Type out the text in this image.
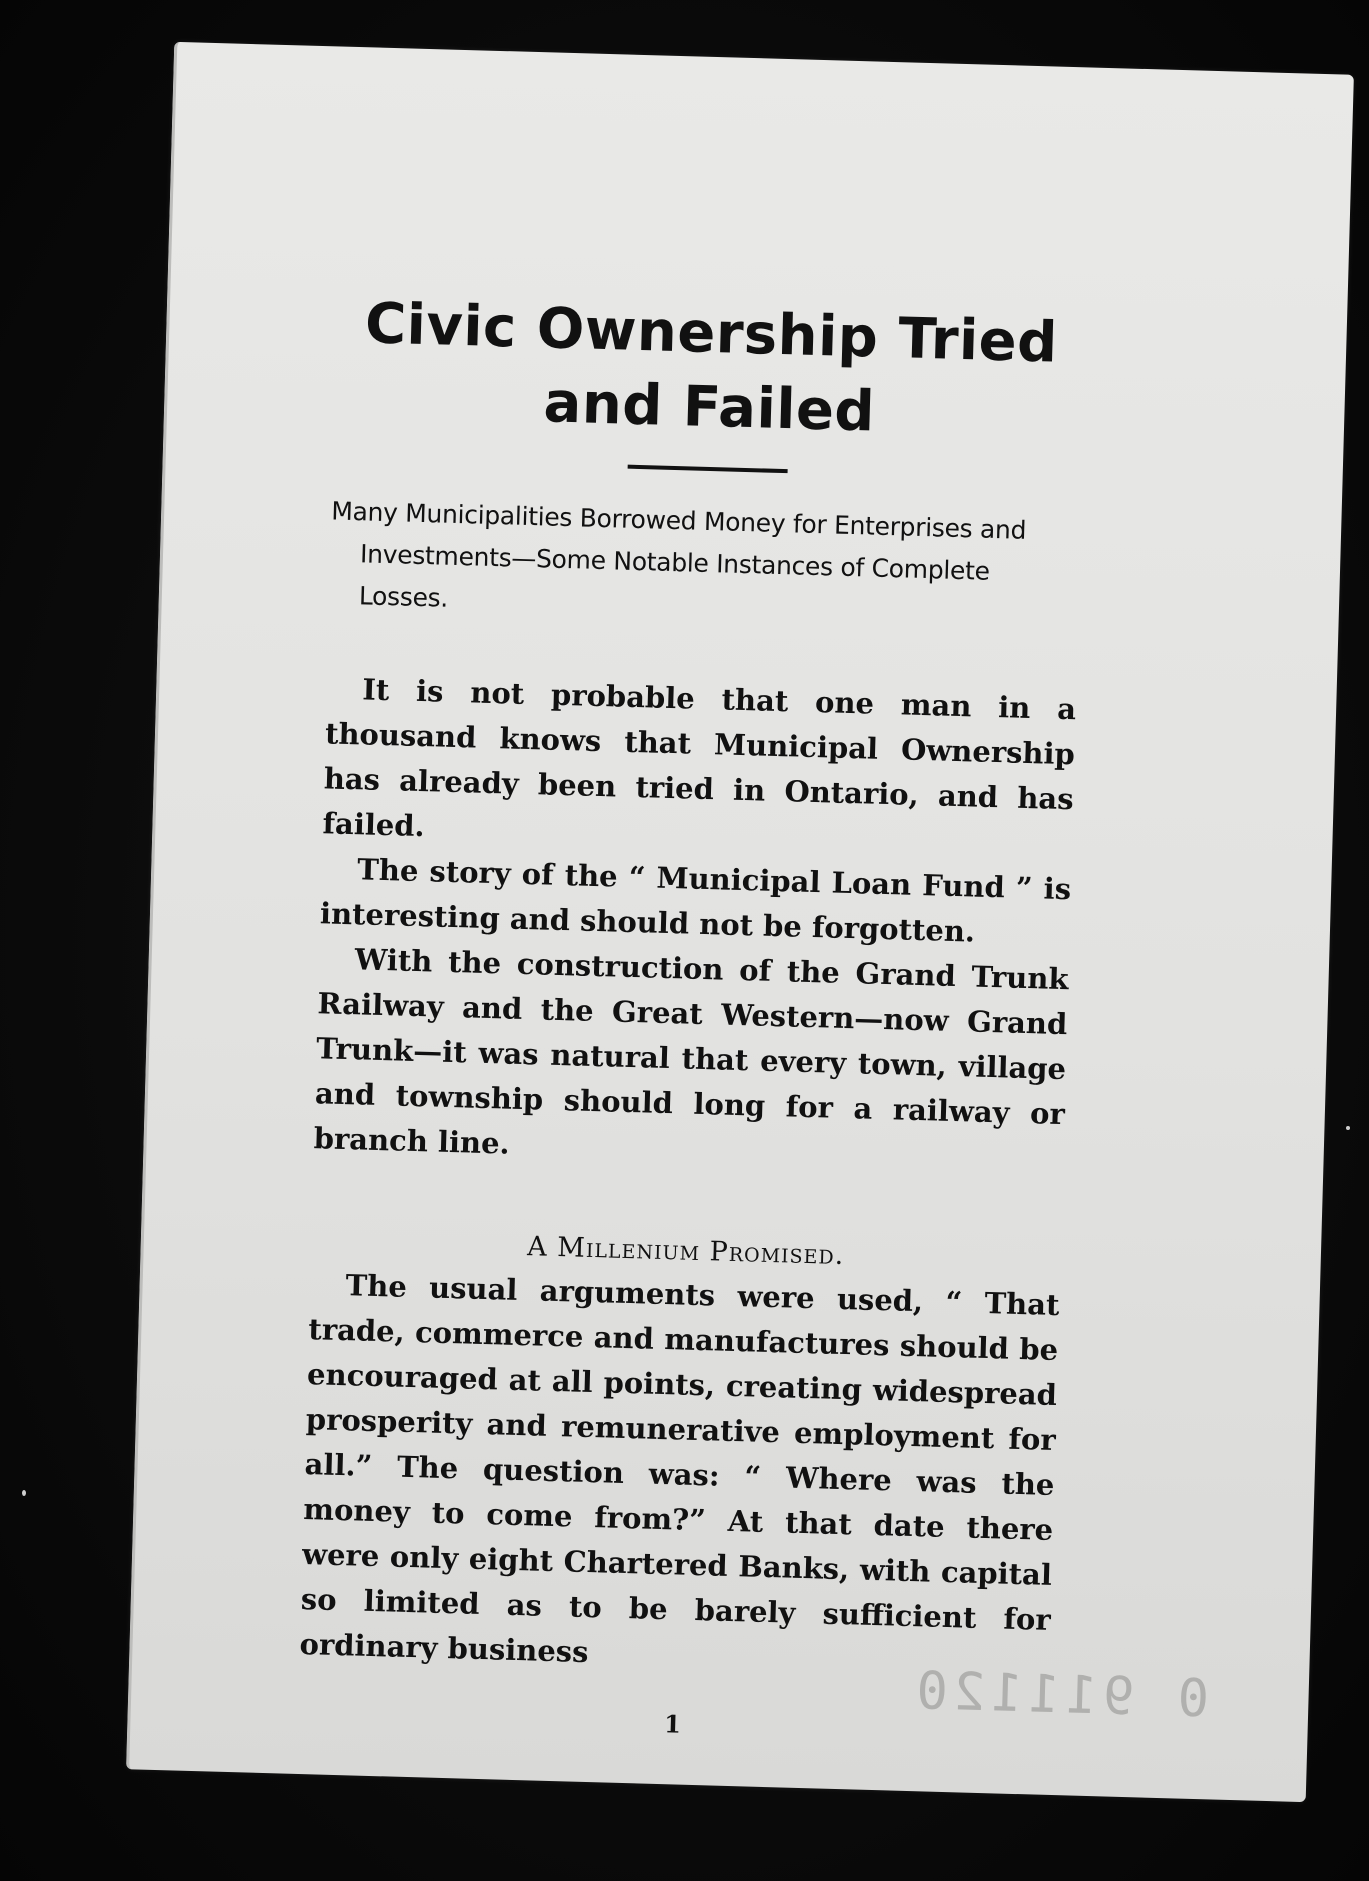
Civic Ownership Tried
and Failed

Many Municipalities Borrowed Money for Enterprises and Investments—Some Notable Instances of Complete Losses.

It is not probable that one man in a thousand knows that Municipal Ownership has already been tried in Ontario, and has failed.

The story of the “ Municipal Loan Fund ” is interesting and should not be forgotten.

With the construction of the Grand Trunk Railway and the Great Western—now Grand Trunk—it was natural that every town, village and township should long for a railway or branch line.

A Millenium Promised.

The usual arguments were used, “ That trade, commerce and manufactures should be encouraged at all points, creating widespread prosperity and remunerative employment for all.” The question was: “ Where was the money to come from?” At that date there were only eight Chartered Banks, with capital so limited as to be barely sufficient for ordinary business

1	0 911120
